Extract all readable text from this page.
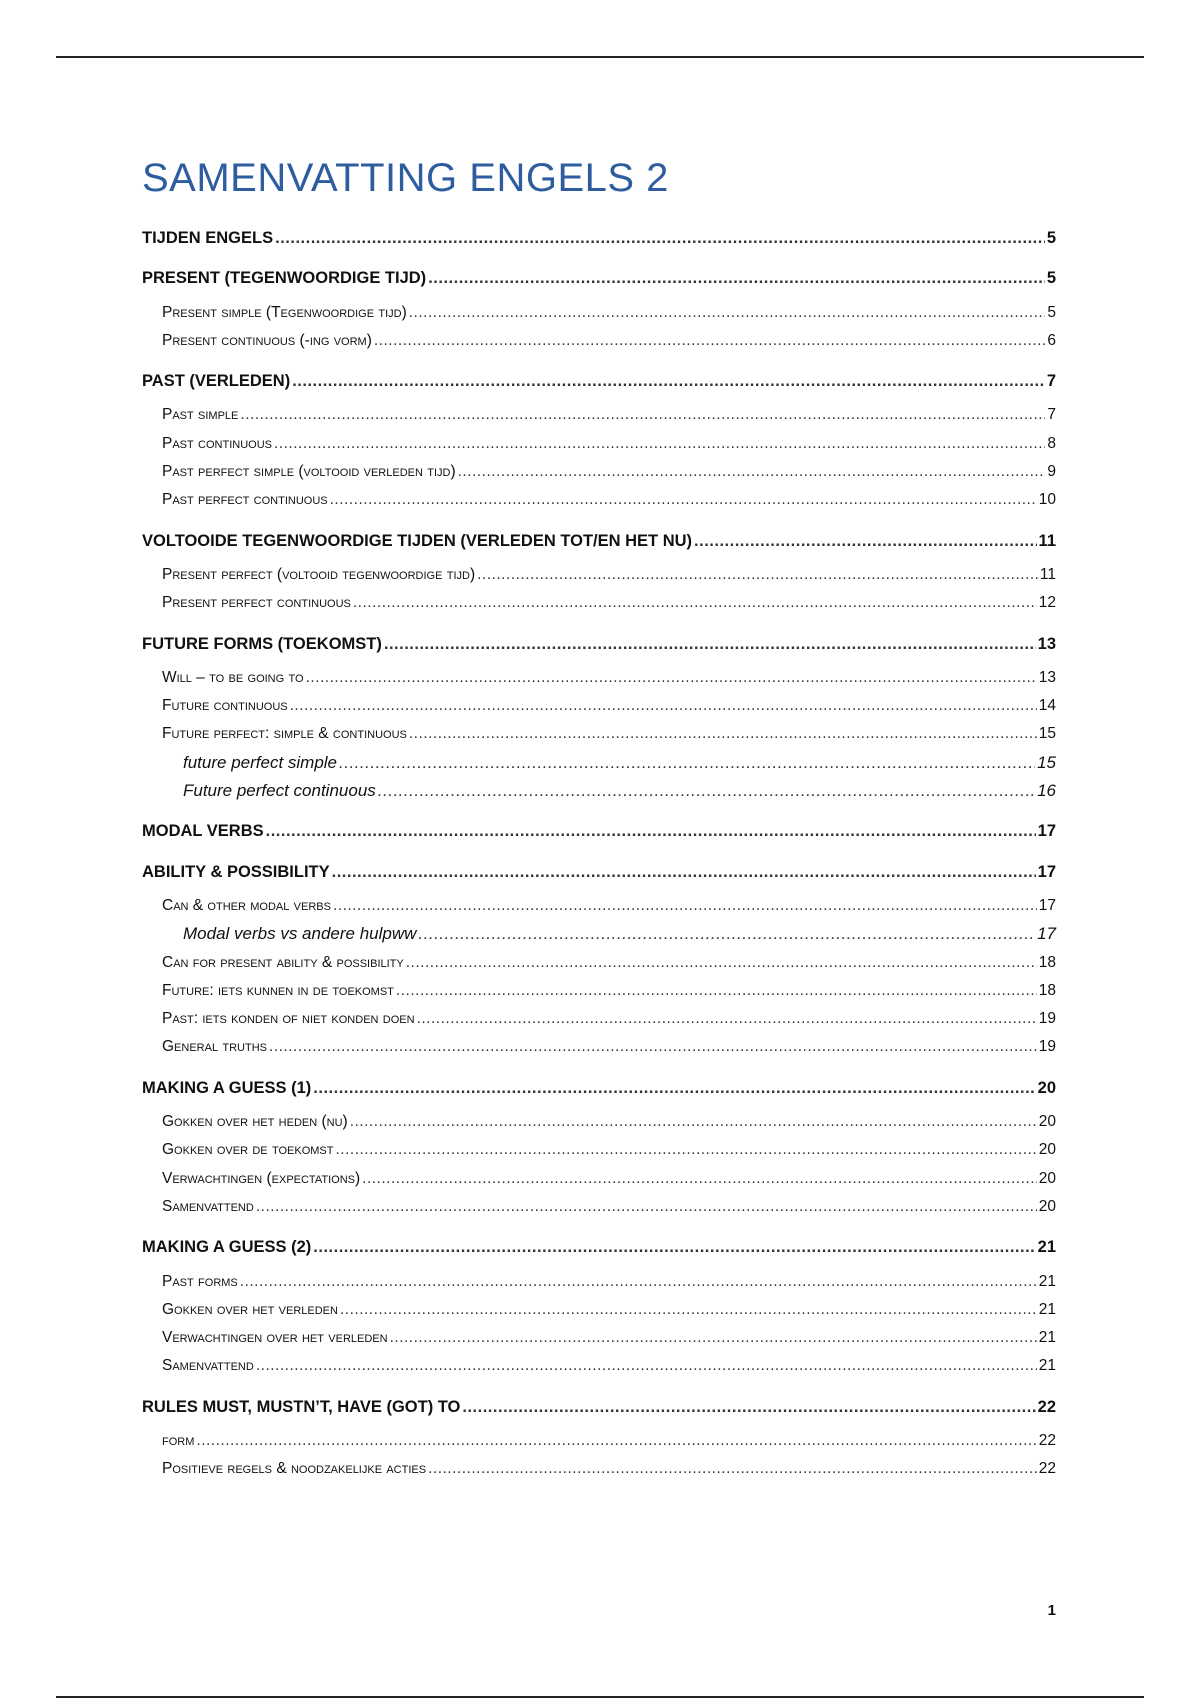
SAMENVATTING ENGELS 2
TIJDEN ENGELS .....	5
PRESENT (TEGENWOORDIGE TIJD) .....	5
Present simple (Tegenwoordige tijd) .....	5
Present continuous (-ing vorm) .....	6
PAST (VERLEDEN) .....	7
Past simple .....	7
Past continuous .....	8
Past perfect simple (voltooid verleden tijd) .....	9
Past perfect continuous .....	10
VOLTOOIDE TEGENWOORDIGE TIJDEN (VERLEDEN TOT/EN HET NU) .....	11
Present perfect (voltooid tegenwoordige tijd) .....	11
Present perfect continuous .....	12
FUTURE FORMS (TOEKOMST) .....	13
Will – to be going to .....	13
Future continuous .....	14
Future perfect: simple & continuous .....	15
future perfect simple .....	15
Future perfect continuous .....	16
MODAL VERBS .....	17
ABILITY & POSSIBILITY .....	17
Can & other modal verbs .....	17
Modal verbs vs andere hulpww .....	17
Can for present ability & possibility .....	18
Future: iets kunnen in de toekomst .....	18
Past: iets konden of niet konden doen .....	19
General truths .....	19
MAKING A GUESS (1) .....	20
Gokken over het heden (nu) .....	20
Gokken over de toekomst .....	20
Verwachtingen (expectations) .....	20
Samenvattend .....	20
MAKING A GUESS (2) .....	21
Past forms .....	21
Gokken over het verleden .....	21
Verwachtingen over het verleden .....	21
Samenvattend .....	21
RULES MUST, MUSTN’T, HAVE (GOT) TO .....	22
form .....	22
Positieve regels & noodzakelijke acties .....	22
1
